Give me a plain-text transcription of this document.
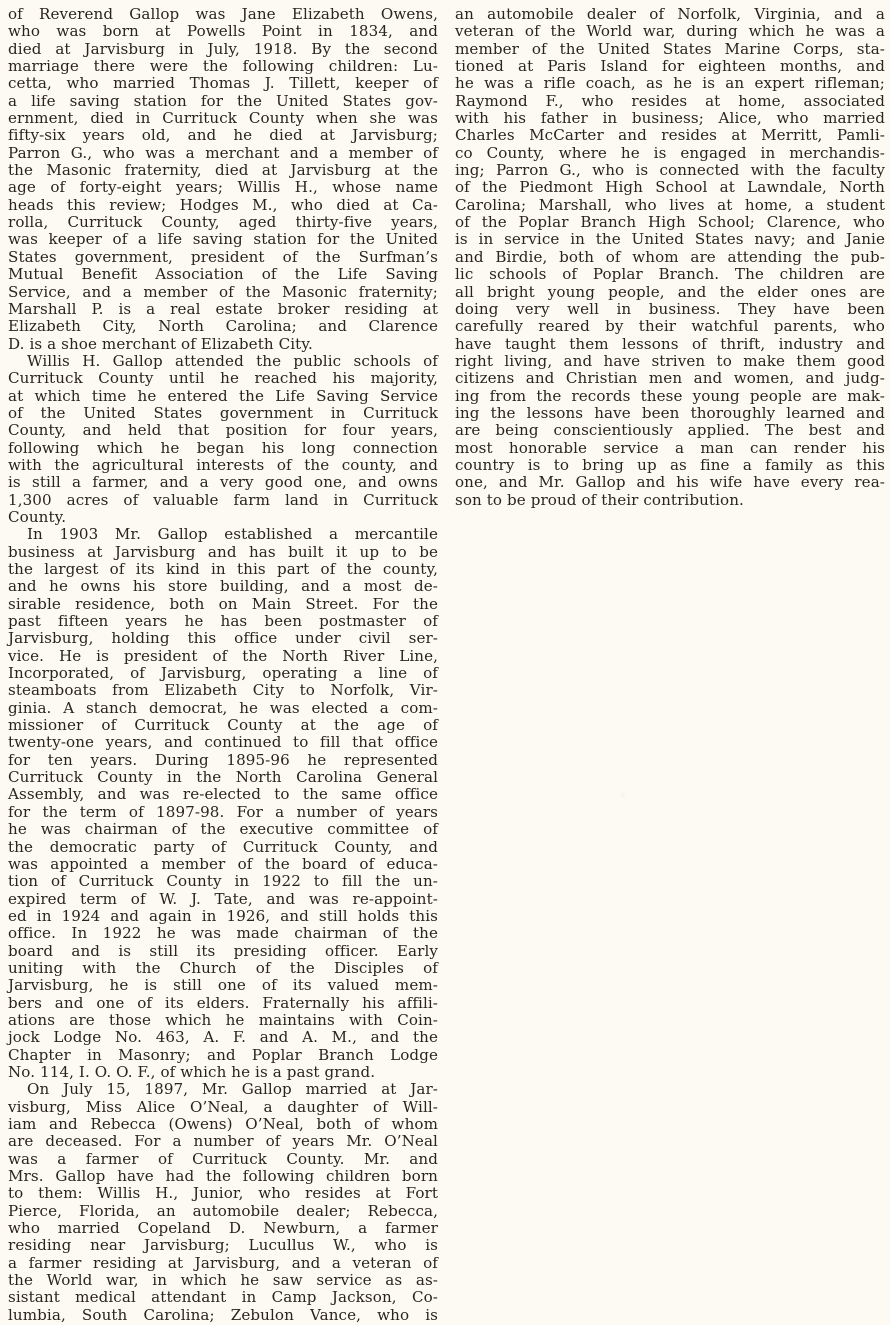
of Reverend Gallop was Jane Elizabeth Owens,
who was born at Powells Point in 1834, and
died at Jarvisburg in July, 1918. By the second
marriage there were the following children: Lu-
cetta, who married Thomas J. Tillett, keeper of
a life saving station for the United States gov-
ernment, died in Currituck County when she was
fifty-six years old, and he died at Jarvisburg;
Parron G., who was a merchant and a member of
the Masonic fraternity, died at Jarvisburg at the
age of forty-eight years; Willis H., whose name
heads this review; Hodges M., who died at Ca-
rolla, Currituck County, aged thirty-five years,
was keeper of a life saving station for the United
States government, president of the Surfman’s
Mutual Benefit Association of the Life Saving
Service, and a member of the Masonic fraternity;
Marshall P. is a real estate broker residing at
Elizabeth City, North Carolina; and Clarence
D. is a shoe merchant of Elizabeth City.
Willis H. Gallop attended the public schools of
Currituck County until he reached his majority,
at which time he entered the Life Saving Service
of the United States government in Currituck
County, and held that position for four years,
following which he began his long connection
with the agricultural interests of the county, and
is still a farmer, and a very good one, and owns
1,300 acres of valuable farm land in Currituck
County.
In 1903 Mr. Gallop established a mercantile
business at Jarvisburg and has built it up to be
the largest of its kind in this part of the county,
and he owns his store building, and a most de-
sirable residence, both on Main Street. For the
past fifteen years he has been postmaster of
Jarvisburg, holding this office under civil ser-
vice. He is president of the North River Line,
Incorporated, of Jarvisburg, operating a line of
steamboats from Elizabeth City to Norfolk, Vir-
ginia. A stanch democrat, he was elected a com-
missioner of Currituck County at the age of
twenty-one years, and continued to fill that office
for ten years. During 1895-96 he represented
Currituck County in the North Carolina General
Assembly, and was re-elected to the same office
for the term of 1897-98. For a number of years
he was chairman of the executive committee of
the democratic party of Currituck County, and
was appointed a member of the board of educa-
tion of Currituck County in 1922 to fill the un-
expired term of W. J. Tate, and was re-appoint-
ed in 1924 and again in 1926, and still holds this
office. In 1922 he was made chairman of the
board and is still its presiding officer. Early
uniting with the Church of the Disciples of
Jarvisburg, he is still one of its valued mem-
bers and one of its elders. Fraternally his affili-
ations are those which he maintains with Coin-
jock Lodge No. 463, A. F. and A. M., and the
Chapter in Masonry; and Poplar Branch Lodge
No. 114, I. O. O. F., of which he is a past grand.
On July 15, 1897, Mr. Gallop married at Jar-
visburg, Miss Alice O’Neal, a daughter of Will-
iam and Rebecca (Owens) O’Neal, both of whom
are deceased. For a number of years Mr. O’Neal
was a farmer of Currituck County. Mr. and
Mrs. Gallop have had the following children born
to them: Willis H., Junior, who resides at Fort
Pierce, Florida, an automobile dealer; Rebecca,
who married Copeland D. Newburn, a farmer
residing near Jarvisburg; Lucullus W., who is
a farmer residing at Jarvisburg, and a veteran of
the World war, in which he saw service as as-
sistant medical attendant in Camp Jackson, Co-
lumbia, South Carolina; Zebulon Vance, who is
an automobile dealer of Norfolk, Virginia, and a
veteran of the World war, during which he was a
member of the United States Marine Corps, sta-
tioned at Paris Island for eighteen months, and
he was a rifle coach, as he is an expert rifleman;
Raymond F., who resides at home, associated
with his father in business; Alice, who married
Charles McCarter and resides at Merritt, Pamli-
co County, where he is engaged in merchandis-
ing; Parron G., who is connected with the faculty
of the Piedmont High School at Lawndale, North
Carolina; Marshall, who lives at home, a student
of the Poplar Branch High School; Clarence, who
is in service in the United States navy; and Janie
and Birdie, both of whom are attending the pub-
lic schools of Poplar Branch. The children are
all bright young people, and the elder ones are
doing very well in business. They have been
carefully reared by their watchful parents, who
have taught them lessons of thrift, industry and
right living, and have striven to make them good
citizens and Christian men and women, and judg-
ing from the records these young people are mak-
ing the lessons have been thoroughly learned and
are being conscientiously applied. The best and
most honorable service a man can render his
country is to bring up as fine a family as this
one, and Mr. Gallop and his wife have every rea-
son to be proud of their contribution.
